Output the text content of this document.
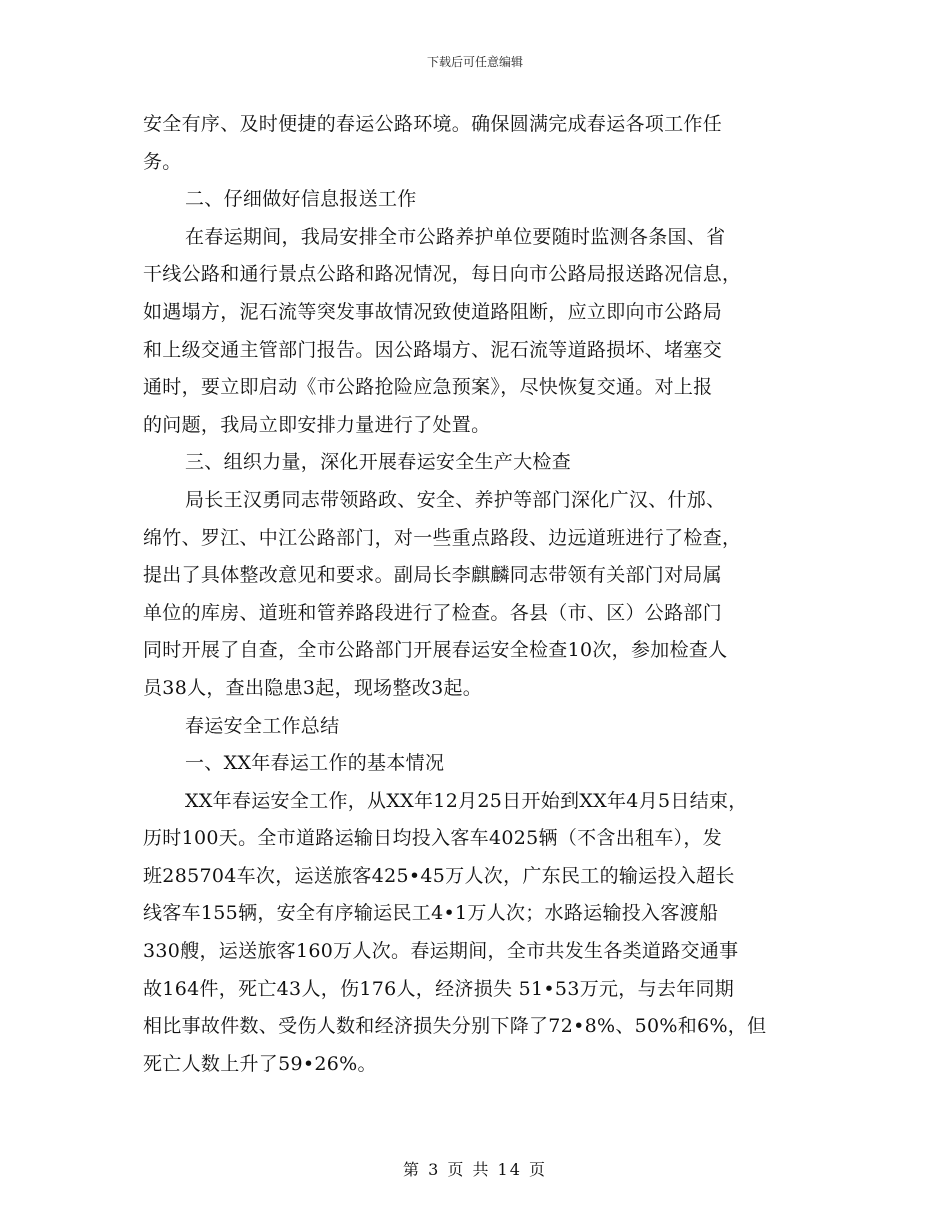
下载后可任意编辑
安全有序、及时便捷的春运公路环境。确保圆满完成春运各项工作任
务。
二、仔细做好信息报送工作
在春运期间，我局安排全市公路养护单位要随时监测各条国、省
干线公路和通行景点公路和路况情况，每日向市公路局报送路况信息，
如遇塌方，泥石流等突发事故情况致使道路阻断，应立即向市公路局
和上级交通主管部门报告。因公路塌方、泥石流等道路损坏、堵塞交
通时，要立即启动《市公路抢险应急预案》，尽快恢复交通。对上报
的问题，我局立即安排力量进行了处置。
三、组织力量，深化开展春运安全生产大检查
局长王汉勇同志带领路政、安全、养护等部门深化广汉、什邡、
绵竹、罗江、中江公路部门，对一些重点路段、边远道班进行了检查，
提出了具体整改意见和要求。副局长李麒麟同志带领有关部门对局属
单位的库房、道班和管养路段进行了检查。各县（市、区）公路部门
同时开展了自查，全市公路部门开展春运安全检查10次，参加检查人
员38人，查出隐患3起，现场整改3起。
春运安全工作总结
一、XX年春运工作的基本情况
XX年春运安全工作，从XX年12月25日开始到XX年4月5日结束，
历时100天。全市道路运输日均投入客车4025辆（不含出租车），发
班285704车次，运送旅客425•45万人次，广东民工的输运投入超长
线客车155辆，安全有序输运民工4•1万人次；水路运输投入客渡船
330艘，运送旅客160万人次。春运期间，全市共发生各类道路交通事
故164件，死亡43人，伤176人，经济损失 51•53万元，与去年同期
相比事故件数、受伤人数和经济损失分别下降了72•8%、50%和6%，但
死亡人数上升了59•26%。
第 3 页 共 14 页
